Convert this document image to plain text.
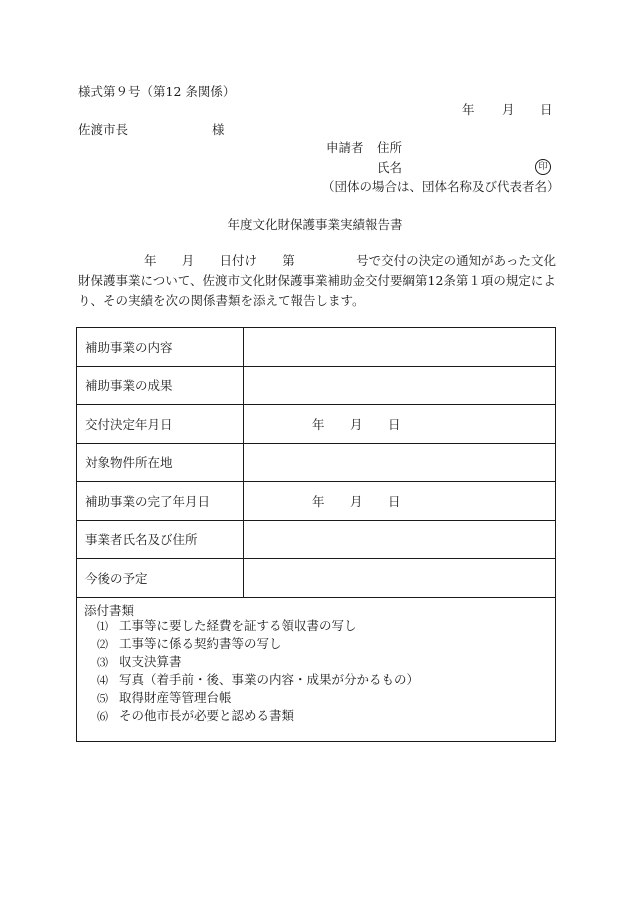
様式第９号（第12 条関係）
年 月 日
佐渡市長	様
申請者 住所
氏名	印
（団体の場合は、団体名称及び代表者名）
年度文化財保護事業実績報告書
年 月 日付け 第	号で交付の決定の通知があった文化
財保護事業について、佐渡市文化財保護事業補助金交付要綱第12条第１項の規定によ
り、その実績を次の関係書類を添えて報告します。
補助事業の内容	
補助事業の成果	
交付決定年月日	年 月 日

対象物件所在地	
補助事業の完了年月日	年 月 日

事業者氏名及び住所	
今後の予定	
添付書類
⑴ 工事等に要した経費を証する領収書の写し
⑵ 工事等に係る契約書等の写し
⑶ 収支決算書
⑷ 写真（着手前・後、事業の内容・成果が分かるもの）
⑸ 取得財産等管理台帳
⑹ その他市長が必要と認める書類
